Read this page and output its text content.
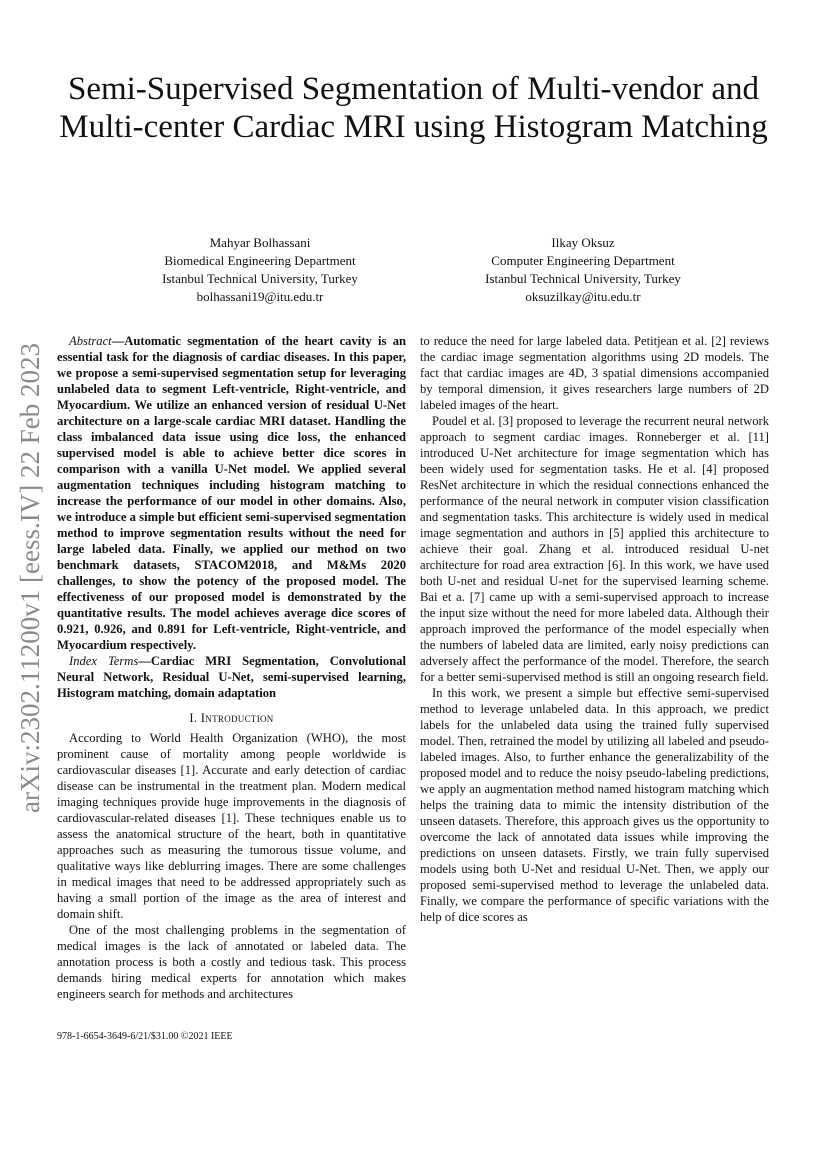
arXiv:2302.11200v1 [eess.IV] 22 Feb 2023
Semi-Supervised Segmentation of Multi-vendor and Multi-center Cardiac MRI using Histogram Matching
Mahyar Bolhassani
Biomedical Engineering Department
Istanbul Technical University, Turkey
bolhassani19@itu.edu.tr
Ilkay Oksuz
Computer Engineering Department
Istanbul Technical University, Turkey
oksuzilkay@itu.edu.tr

Abstract—Automatic segmentation of the heart cavity is an essential task for the diagnosis of cardiac diseases. In this paper, we propose a semi-supervised segmentation setup for leveraging unlabeled data to segment Left-ventricle, Right-ventricle, and Myocardium. We utilize an enhanced version of residual U-Net architecture on a large-scale cardiac MRI dataset. Handling the class imbalanced data issue using dice loss, the enhanced supervised model is able to achieve better dice scores in comparison with a vanilla U-Net model. We applied several augmentation techniques including histogram matching to increase the performance of our model in other domains. Also, we introduce a simple but efficient semi-supervised segmentation method to improve segmentation results without the need for large labeled data. Finally, we applied our method on two benchmark datasets, STACOM2018, and M&Ms 2020 challenges, to show the potency of the proposed model. The effectiveness of our proposed model is demonstrated by the quantitative results. The model achieves average dice scores of 0.921, 0.926, and 0.891 for Left-ventricle, Right-ventricle, and Myocardium respectively.

Index Terms—Cardiac MRI Segmentation, Convolutional Neural Network, Residual U-Net, semi-supervised learning, Histogram matching, domain adaptation

I. Introduction

According to World Health Organization (WHO), the most prominent cause of mortality among people worldwide is cardiovascular diseases [1]. Accurate and early detection of cardiac disease can be instrumental in the treatment plan. Modern medical imaging techniques provide huge improvements in the diagnosis of cardiovascular-related diseases [1]. These techniques enable us to assess the anatomical structure of the heart, both in quantitative approaches such as measuring the tumorous tissue volume, and qualitative ways like deblurring images. There are some challenges in medical images that need to be addressed appropriately such as having a small portion of the image as the area of interest and domain shift.

One of the most challenging problems in the segmentation of medical images is the lack of annotated or labeled data. The annotation process is both a costly and tedious task. This process demands hiring medical experts for annotation which makes engineers search for methods and architectures

978-1-6654-3649-6/21/$31.00 ©2021 IEEE

to reduce the need for large labeled data. Petitjean et al. [2] reviews the cardiac image segmentation algorithms using 2D models. The fact that cardiac images are 4D, 3 spatial dimensions accompanied by temporal dimension, it gives researchers large numbers of 2D labeled images of the heart.

Poudel et al. [3] proposed to leverage the recurrent neural network approach to segment cardiac images. Ronneberger et al. [11] introduced U-Net architecture for image segmentation which has been widely used for segmentation tasks. He et al. [4] proposed ResNet architecture in which the residual connections enhanced the performance of the neural network in computer vision classification and segmentation tasks. This architecture is widely used in medical image segmentation and authors in [5] applied this architecture to achieve their goal. Zhang et al. introduced residual U-net architecture for road area extraction [6]. In this work, we have used both U-net and residual U-net for the supervised learning scheme. Bai et a. [7] came up with a semi-supervised approach to increase the input size without the need for more labeled data. Although their approach improved the performance of the model especially when the numbers of labeled data are limited, early noisy predictions can adversely affect the performance of the model. Therefore, the search for a better semi-supervised method is still an ongoing research field.

In this work, we present a simple but effective semi-supervised method to leverage unlabeled data. In this approach, we predict labels for the unlabeled data using the trained fully supervised model. Then, retrained the model by utilizing all labeled and pseudo-labeled images. Also, to further enhance the generalizability of the proposed model and to reduce the noisy pseudo-labeling predictions, we apply an augmentation method named histogram matching which helps the training data to mimic the intensity distribution of the unseen datasets. Therefore, this approach gives us the opportunity to overcome the lack of annotated data issues while improving the predictions on unseen datasets. Firstly, we train fully supervised models using both U-Net and residual U-Net. Then, we apply our proposed semi-supervised method to leverage the unlabeled data. Finally, we compare the performance of specific variations with the help of dice scores as
